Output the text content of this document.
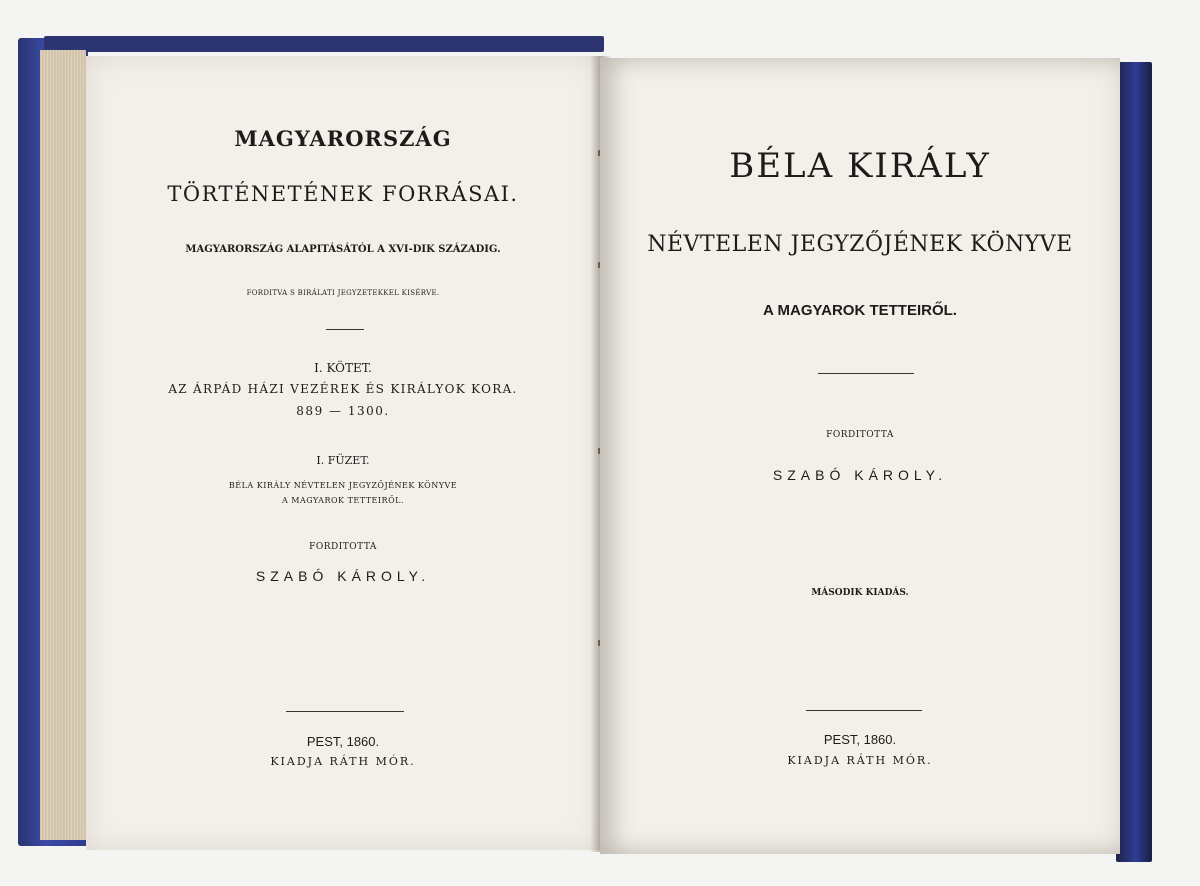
MAGYARORSZÁG
TÖRTÉNETÉNEK FORRÁSAI.
MAGYARORSZÁG ALAPITÁSÁTÓL A XVI-DIK SZÁZADIG.
FORDITVA S BIRÁLATI JEGYZETEKKEL KISÉRVE.
I. KÖTET.
AZ ÁRPÁD HÁZI VEZÉREK ÉS KIRÁLYOK KORA.
889 — 1300.
I. FÜZET.
BÉLA KIRÁLY NÉVTELEN JEGYZŐJÉNEK KÖNYVE
A MAGYAROK TETTEIRŐL.
FORDITOTTA
SZABÓ KÁROLY.
PEST, 1860.
KIADJA RÁTH MÓR.
BÉLA KIRÁLY
NÉVTELEN JEGYZŐJÉNEK KÖNYVE
A MAGYAROK TETTEIRŐL.
FORDITOTTA
SZABÓ KÁROLY.
MÁSODIK KIADÁS.
PEST, 1860.
KIADJA RÁTH MÓR.
